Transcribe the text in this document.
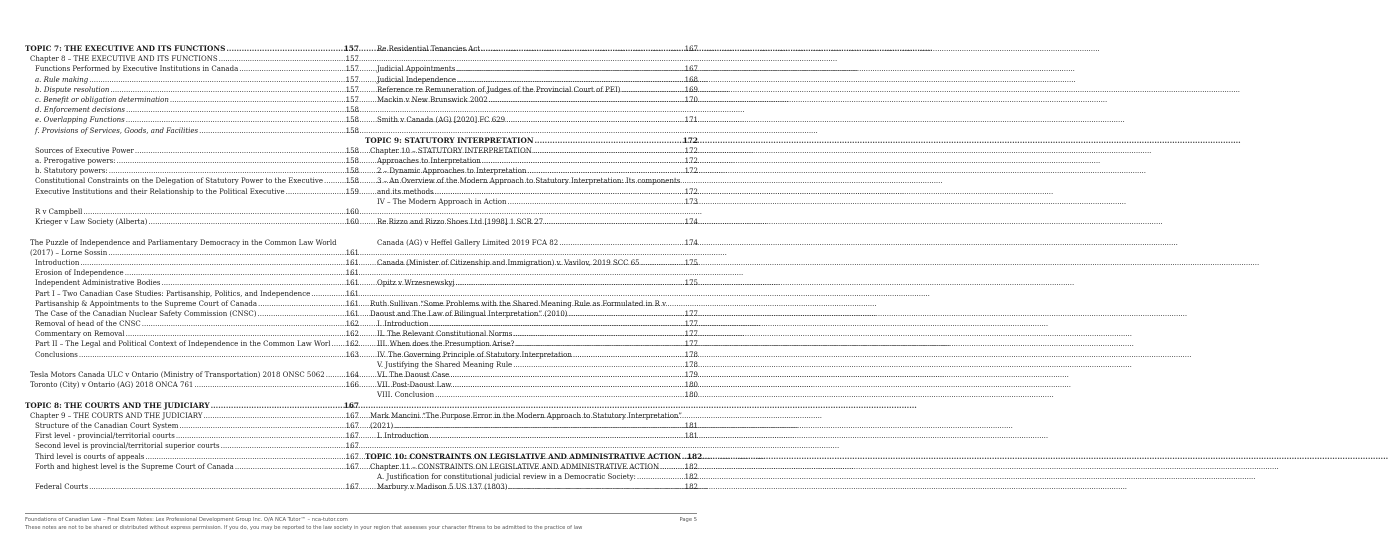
TOPIC 7: THE EXECUTIVE AND ITS FUNCTIONS .....	157
Chapter 8 – THE EXECUTIVE AND ITS FUNCTIONS .....	157
Functions Performed by Executive Institutions in Canada .....	157
a. Rule making .....	157
b. Dispute resolution .....	157
c. Benefit or obligation determination .....	157
d. Enforcement decisions .....	158
e. Overlapping Functions .....	158
f. Provisions of Services, Goods, and Facilities .....	158
Sources of Executive Power .....	158
a. Prerogative powers: .....	158
b. Statutory powers: .....	158
Constitutional Constraints on the Delegation of Statutory Power to the Executive .....	158
Executive Institutions and their Relationship to the Political Executive .....	159
R v Campbell .....	160
Krieger v Law Society (Alberta) .....	160
The Puzzle of Independence and Parliamentary Democracy in the Common Law World
(2017) – Lorne Sossin .....	161
Introduction .....	161
Erosion of Independence .....	161
Independent Administrative Bodies .....	161
Part I – Two Canadian Case Studies: Partisanship, Politics, and Independence .....	161
Partisanship & Appointments to the Supreme Court of Canada .....	161
The Case of the Canadian Nuclear Safety Commission (CNSC) .....	161
Removal of head of the CNSC .....	162
Commentary on Removal .....	162
Part II – The Legal and Political Context of Independence in the Common Law Worl ..... 162
Conclusions .....	163
Tesla Motors Canada ULC v Ontario (Ministry of Transportation) 2018 ONSC 5062 .....	164
Toronto (City) v Ontario (AG) 2018 ONCA 761 .....	166
TOPIC 8: THE COURTS AND THE JUDICIARY .....	167
Chapter 9 – THE COURTS AND THE JUDICIARY .....	167
Structure of the Canadian Court System .....	167
First level - provincial/territorial courts .....	167
Second level is provincial/territorial superior courts .....	167
Third level is courts of appeals .....	167
Forth and highest level is the Supreme Court of Canada .....	167
Federal Courts .....	167
Re Residential Tenancies Act .....	167
Judicial Appointments .....	167
Judicial Independence .....	168
Reference re Remuneration of Judges of the Provincial Court of PEI) .....	169
Mackin v New Brunswick 2002 .....	170
Smith v Canada (AG) [2020] FC 629 .....	171
TOPIC 9: STATUTORY INTERPRETATION .....	172
Chapter 10 – STATUTORY INTERPRETATION .....	172
Approaches to Interpretation .....	172
2 – Dynamic Approaches to Interpretation .....	172
3 – An Overview of the Modern Approach to Statutory Interpretation: Its components
and its methods .....	172
IV – The Modern Approach in Action .....	173
Re Rizzo and Rizzo Shoes Ltd [1998] 1 SCR 27 .....	174
Canada (AG) v Heffel Gallery Limited 2019 FCA 82 .....	174
Canada (Minister of Citizenship and Immigration) v. Vavilov, 2019 SCC 65 .....	175
Opitz v Wrzesnewskyj .....	175
Ruth Sullivan “Some Problems with the Shared Meaning Rule as Formulated in R v
Daoust and The Law of Bilingual Interpretation” (2010) .....	177
I. Introduction .....	177
II. The Relevant Constitutional Norms .....	177
III. When does the Presumption Arise? .....	177
IV. The Governing Principle of Statutory Interpretation .....	178
V. Justifying the Shared Meaning Rule .....	178
VI. The Daoust Case .....	179
VII. Post-Daoust Law .....	180
VIII. Conclusion .....	180
Mark Mancini “The Purpose Error in the Modern Approach to Statutory Interpretation”
(2021) .....	181
I. Introduction .....	181
TOPIC 10: CONSTRAINTS ON LEGISLATIVE AND ADMINISTRATIVE ACTION ..... 182
Chapter 11 – CONSTRAINTS ON LEGISLATIVE AND ADMINISTRATIVE ACTION .....	182
A. Justification for constitutional judicial review in a Democratic Society: .....	182
Marbury v Madison 5 US 137 (1803) .....	182
Foundations of Canadian Law – Final Exam Notes: Lex Professional Development Group Inc. O/A NCA Tutor™ – nca-tutor.com	Page 5
These notes are not to be shared or distributed without express permission. If you do, you may be reported to the law society in your region that assesses your character fitness to be admitted to the practice of law
